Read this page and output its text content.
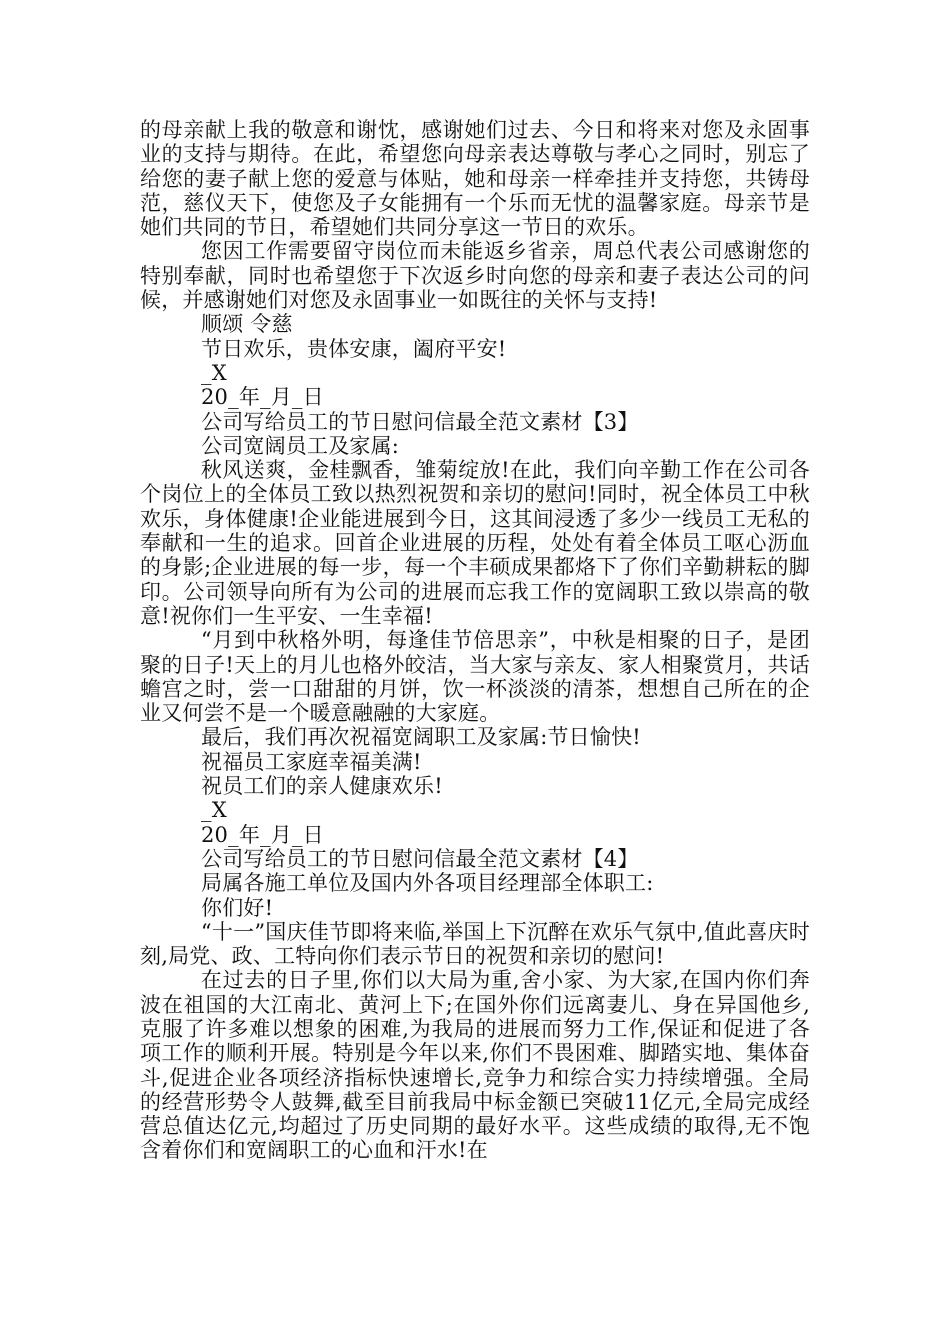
的母亲献上我的敬意和谢忱，感谢她们过去、今日和将来对您及永固事业的支持与期待。在此，希望您向母亲表达尊敬与孝心之同时，别忘了给您的妻子献上您的爱意与体贴，她和母亲一样牵挂并支持您，共铸母范，慈仪天下，使您及子女能拥有一个乐而无忧的温馨家庭。母亲节是她们共同的节日，希望她们共同分享这一节日的欢乐。

您因工作需要留守岗位而未能返乡省亲，周总代表公司感谢您的特别奉献，同时也希望您于下次返乡时向您的母亲和妻子表达公司的问候，并感谢她们对您及永固事业一如既往的关怀与支持!

顺颂 令慈

节日欢乐，贵体安康，阖府平安!

_X

20_年_月_日

公司写给员工的节日慰问信最全范文素材【3】

公司宽阔员工及家属:

秋风送爽，金桂飘香，雏菊绽放!在此，我们向辛勤工作在公司各个岗位上的全体员工致以热烈祝贺和亲切的慰问!同时，祝全体员工中秋欢乐，身体健康!企业能进展到今日，这其间浸透了多少一线员工无私的奉献和一生的追求。回首企业进展的历程，处处有着全体员工呕心沥血的身影;企业进展的每一步，每一个丰硕成果都烙下了你们辛勤耕耘的脚印。公司领导向所有为公司的进展而忘我工作的宽阔职工致以崇高的敬意!祝你们一生平安、一生幸福!

“月到中秋格外明，每逢佳节倍思亲”，中秋是相聚的日子，是团聚的日子!天上的月儿也格外皎洁，当大家与亲友、家人相聚赏月，共话蟾宫之时，尝一口甜甜的月饼，饮一杯淡淡的清茶，想想自己所在的企业又何尝不是一个暖意融融的大家庭。

最后，我们再次祝福宽阔职工及家属:节日愉快!

祝福员工家庭幸福美满!

祝员工们的亲人健康欢乐!

_X

20_年_月_日

公司写给员工的节日慰问信最全范文素材【4】

局属各施工单位及国内外各项目经理部全体职工:

你们好!

“十一”国庆佳节即将来临,举国上下沉醉在欢乐气氛中,值此喜庆时刻,局党、政、工特向你们表示节日的祝贺和亲切的慰问!

在过去的日子里,你们以大局为重,舍小家、为大家,在国内你们奔波在祖国的大江南北、黄河上下;在国外你们远离妻儿、身在异国他乡,克服了许多难以想象的困难,为我局的进展而努力工作,保证和促进了各项工作的顺利开展。特别是今年以来,你们不畏困难、脚踏实地、集体奋斗,促进企业各项经济指标快速增长,竞争力和综合实力持续增强。全局的经营形势令人鼓舞,截至目前我局中标金额已突破11亿元,全局完成经营总值达亿元,均超过了历史同期的最好水平。这些成绩的取得,无不饱含着你们和宽阔职工的心血和汗水!在
